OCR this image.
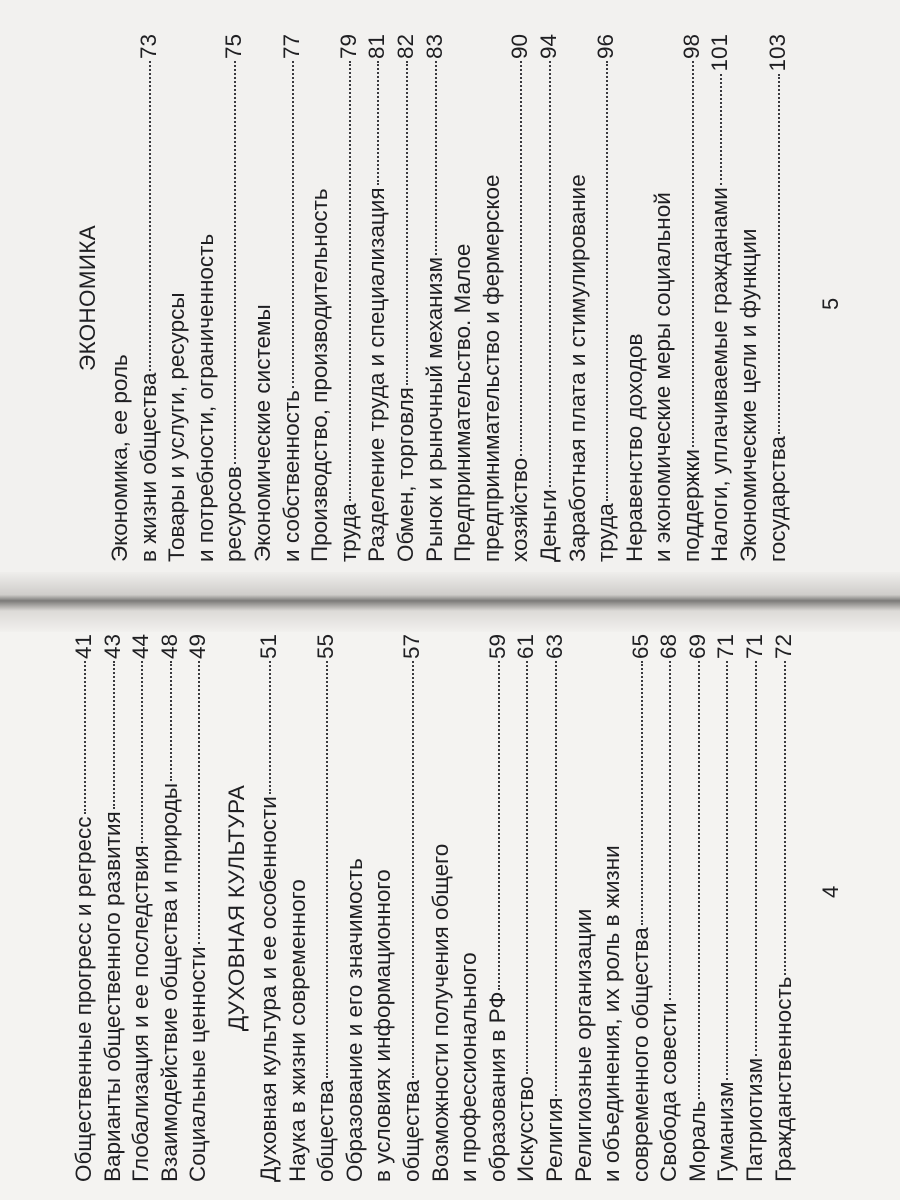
Общественные прогресс и регресс
41
Варианты общественного развития
43
Глобализация и ее последствия
44
Взаимодействие общества и природы
48
Социальные ценности
49
ДУХОВНАЯ КУЛЬТУРА Духовная культура и ее особенности
51
Наука в жизни современного общества
55
Образование и его значимость в условиях информационного общества
57
Возможности получения общего и профессионального образования в РФ
59
Искусство
61
Религия
63
Религиозные организации и объединения, их роль в жизни современного общества
65
Свобода совести
68
Мораль
69
Гуманизм
71
Патриотизм
71
Гражданственность
72
4
ЭКОНОМИКА
Экономика, ее роль в жизни общества
73
Товары и услуги, ресурсы и потребности, ограниченность ресурсов
75
Экономические системы и собственность
77
Производство, производительность труда
79
Разделение труда и специализация
81
Обмен, торговля
82
Рынок и рыночный механизм
83
Предпринимательство. Малое предпринимательство и фермерское хозяйство
90
Деньги
94
Заработная плата и стимулирование труда
96
Неравенство доходов и экономические меры социальной поддержки
98
Налоги, уплачиваемые гражданами
101
Экономические цели и функции государства
103
5
